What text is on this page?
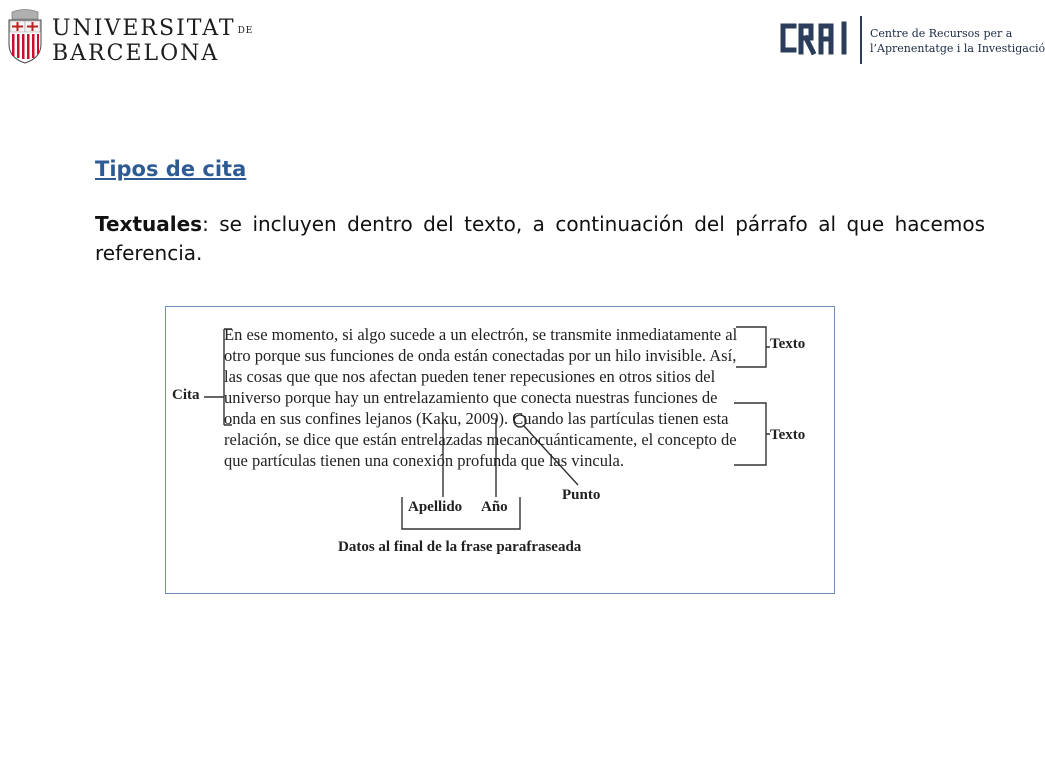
UNIVERSITAT DE
BARCELONA
Centre de Recursos per a
l’Aprenentatge i la Investigació
Tipos de cita
Textuales: se incluyen dentro del texto, a continuación del párrafo al que hacemos referencia.
En ese momento, si algo sucede a un electrón, se transmite inmediatamente al
otro porque sus funciones de onda están conectadas por un hilo invisible. Así,
las cosas que que nos afectan pueden tener repecusiones en otros sitios del
universo porque hay un entrelazamiento que conecta nuestras funciones de
onda en sus confines lejanos (Kaku, 2009). Cuando las partículas tienen esta
relación, se dice que están entrelazadas mecanocuánticamente, el concepto de
que partículas tienen una conexión profunda que las vincula.
Cita
Texto
Texto
Punto
Apellido Año
Datos al final de la frase parafraseada
